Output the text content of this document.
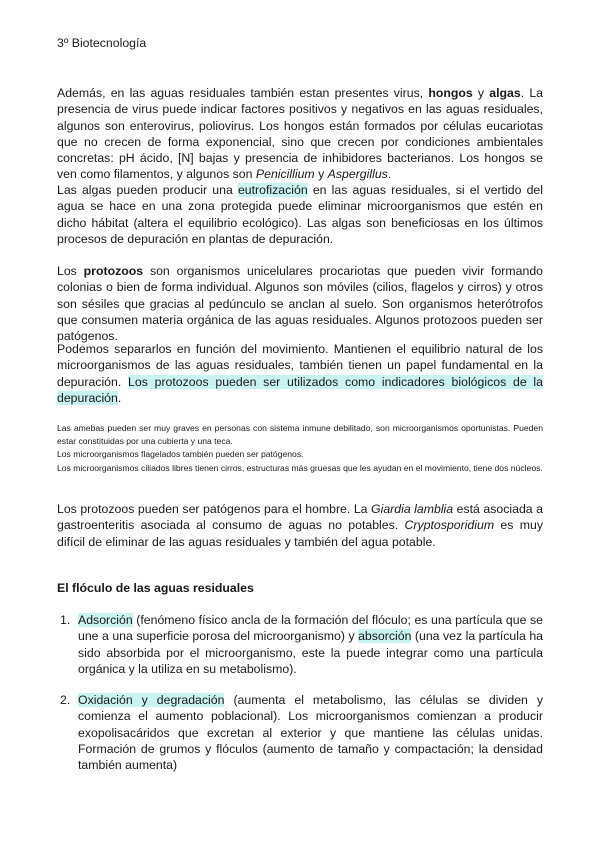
3º Biotecnología
Además, en las aguas residuales también estan presentes virus, hongos y algas. La presencia de virus puede indicar factores positivos y negativos en las aguas residuales, algunos son enterovirus, poliovirus. Los hongos están formados por células eucariotas que no crecen de forma exponencial, sino que crecen por condiciones ambientales concretas: pH ácido, [N] bajas y presencia de inhibidores bacterianos. Los hongos se ven como filamentos, y algunos son Penicillium y Aspergillus.
Las algas pueden producir una eutrofización en las aguas residuales, si el vertido del agua se hace en una zona protegida puede eliminar microorganismos que estén en dicho hábitat (altera el equilibrio ecológico). Las algas son beneficiosas en los últimos procesos de depuración en plantas de depuración.
Los protozoos son organismos unicelulares procariotas que pueden vivir formando colonias o bien de forma individual. Algunos son móviles (cilios, flagelos y cirros) y otros son sésiles que gracias al pedúnculo se anclan al suelo. Son organismos heterótrofos que consumen materia orgánica de las aguas residuales. Algunos protozoos pueden ser patógenos.
Podemos separarlos en función del movimiento. Mantienen el equilibrio natural de los microorganismos de las aguas residuales, también tienen un papel fundamental en la depuración. Los protozoos pueden ser utilizados como indicadores biológicos de la depuración.

Las amebas pueden ser muy graves en personas con sistema inmune debilitado, son microorganismos oportunistas. Pueden estar constituidas por una cubierta y una teca.

Los microorganismos flagelados también pueden ser patógenos.

Los microorganismos ciliados libres tienen cirros, estructuras más gruesas que les ayudan en el movimiento, tiene dos núcleos.

Los protozoos pueden ser patógenos para el hombre. La Giardia lamblia está asociada a gastroenteritis asociada al consumo de aguas no potables. Cryptosporidium es muy difícil de eliminar de las aguas residuales y también del agua potable.
El flóculo de las aguas residuales
1. Adsorción (fenómeno físico ancla de la formación del flóculo; es una partícula que se une a una superficie porosa del microorganismo) y absorción (una vez la partícula ha sido absorbida por el microorganismo, este la puede integrar como una partícula orgánica y la utiliza en su metabolismo).
2. Oxidación y degradación (aumenta el metabolismo, las células se dividen y comienza el aumento poblacional). Los microorganismos comienzan a producir exopolisacáridos que excretan al exterior y que mantiene las células unidas. Formación de grumos y flóculos (aumento de tamaño y compactación; la densidad también aumenta)
